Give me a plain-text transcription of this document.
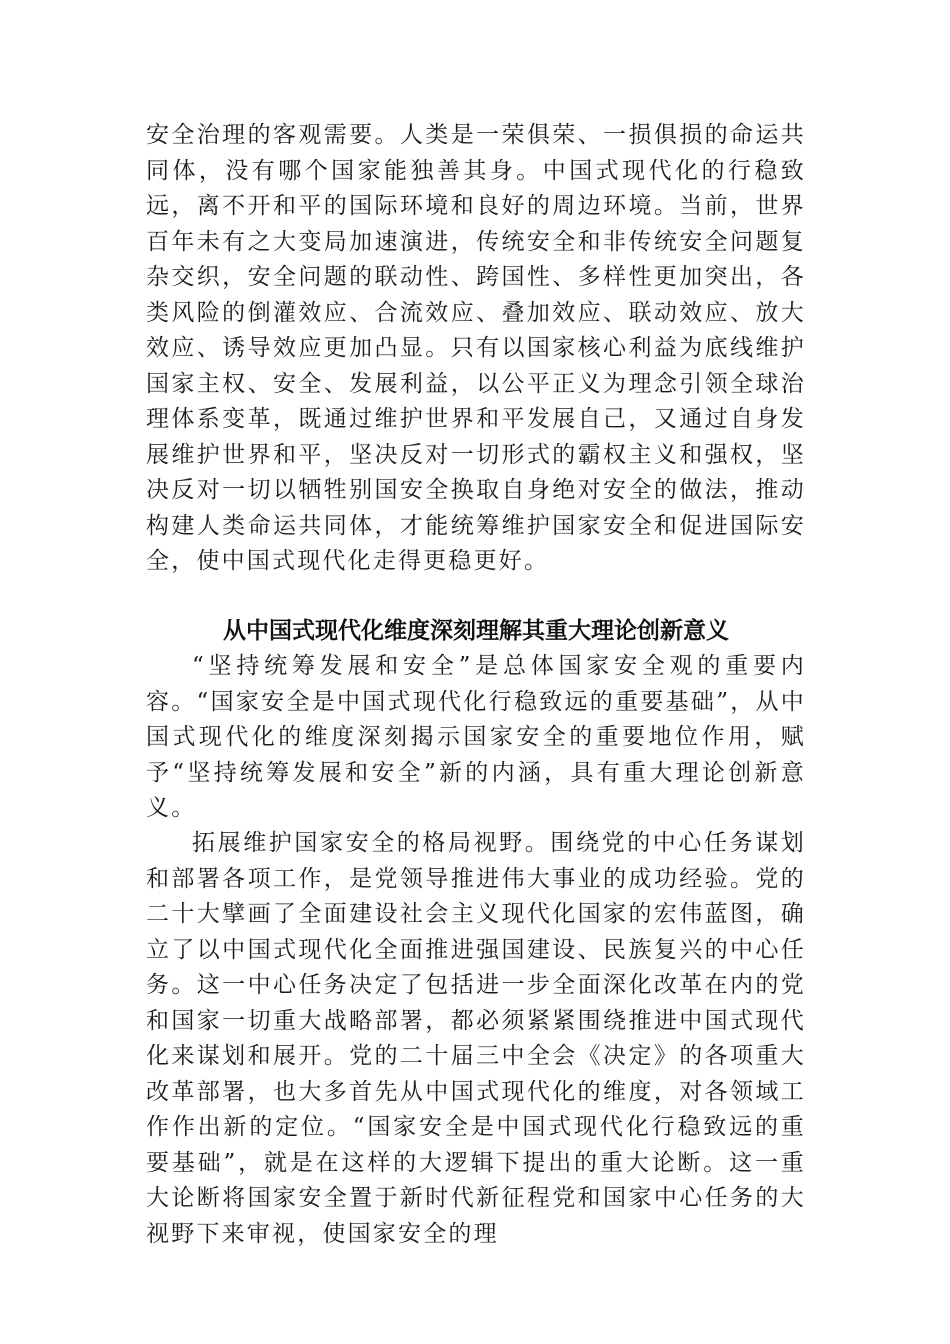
安全治理的客观需要。人类是一荣俱荣、一损俱损的命运共同体，没有哪个国家能独善其身。中国式现代化的行稳致远，离不开和平的国际环境和良好的周边环境。当前，世界百年未有之大变局加速演进，传统安全和非传统安全问题复杂交织，安全问题的联动性、跨国性、多样性更加突出，各类风险的倒灌效应、合流效应、叠加效应、联动效应、放大效应、诱导效应更加凸显。只有以国家核心利益为底线维护国家主权、安全、发展利益，以公平正义为理念引领全球治理体系变革，既通过维护世界和平发展自己，又通过自身发展维护世界和平，坚决反对一切形式的霸权主义和强权，坚决反对一切以牺牲别国安全换取自身绝对安全的做法，推动构建人类命运共同体，才能统筹维护国家安全和促进国际安全，使中国式现代化走得更稳更好。

从中国式现代化维度深刻理解其重大理论创新意义

“坚持统筹发展和安全”是总体国家安全观的重要内容。“国家安全是中国式现代化行稳致远的重要基础”，从中国式现代化的维度深刻揭示国家安全的重要地位作用，赋予“坚持统筹发展和安全”新的内涵，具有重大理论创新意义。

拓展维护国家安全的格局视野。围绕党的中心任务谋划和部署各项工作，是党领导推进伟大事业的成功经验。党的二十大擘画了全面建设社会主义现代化国家的宏伟蓝图，确立了以中国式现代化全面推进强国建设、民族复兴的中心任务。这一中心任务决定了包括进一步全面深化改革在内的党和国家一切重大战略部署，都必须紧紧围绕推进中国式现代化来谋划和展开。党的二十届三中全会《决定》的各项重大改革部署，也大多首先从中国式现代化的维度，对各领域工作作出新的定位。“国家安全是中国式现代化行稳致远的重要基础”，就是在这样的大逻辑下提出的重大论断。这一重大论断将国家安全置于新时代新征程党和国家中心任务的大视野下来审视，使国家安全的理
